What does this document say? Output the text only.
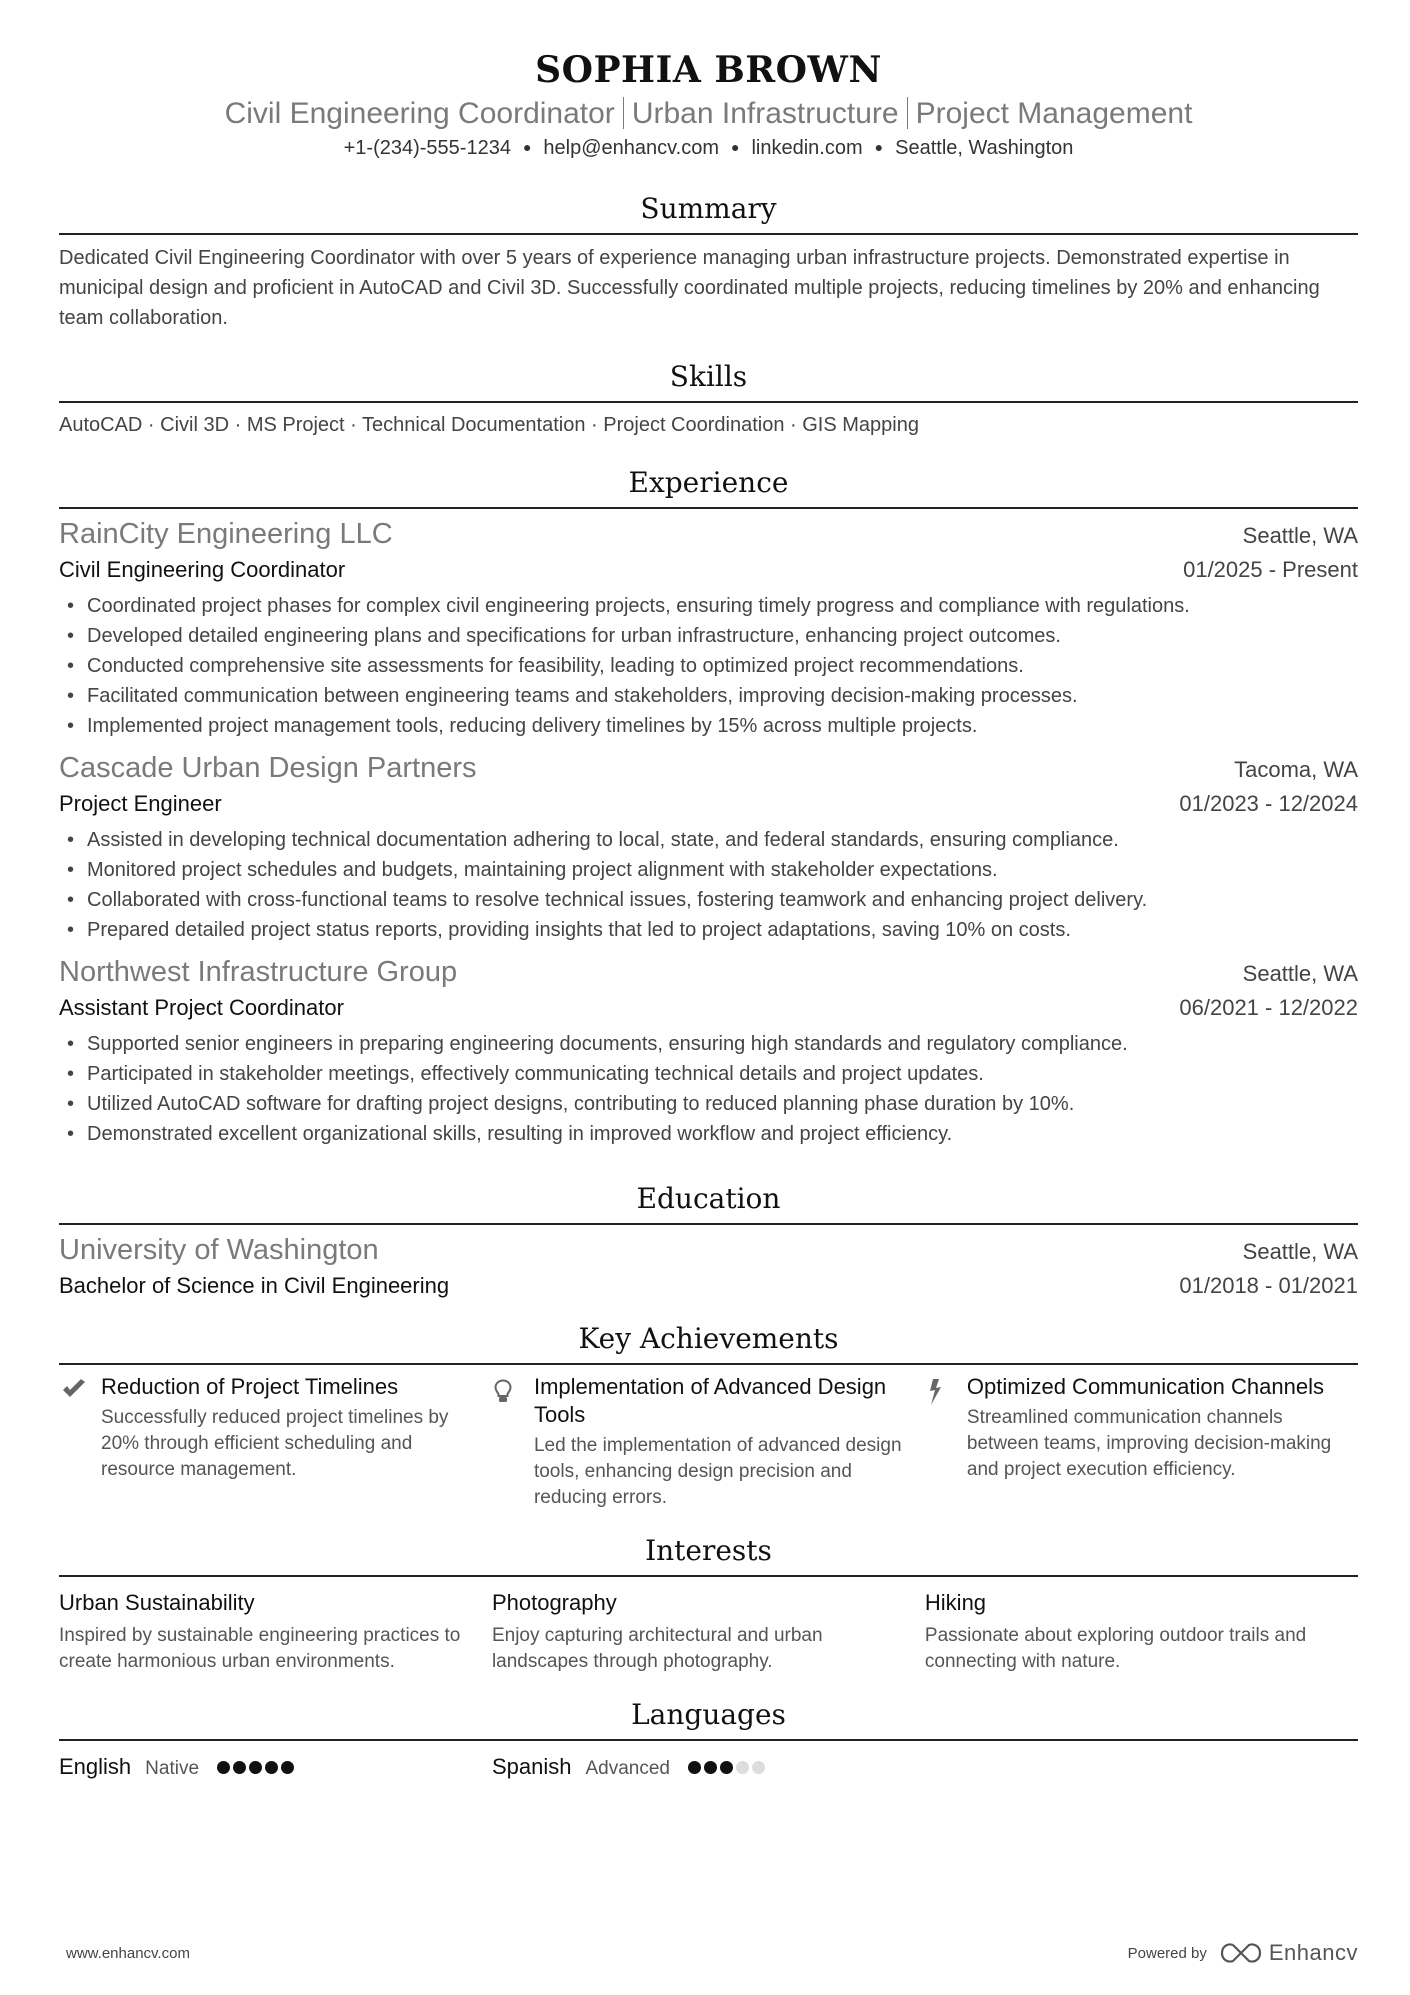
SOPHIA BROWN
Civil Engineering Coordinator Urban Infrastructure Project Management
+1-(234)-555-1234 ● help@enhancv.com ● linkedin.com ● Seattle, Washington
Summary

Dedicated Civil Engineering Coordinator with over 5 years of experience managing urban infrastructure projects. Demonstrated expertise in municipal design and proficient in AutoCAD and Civil 3D. Successfully coordinated multiple projects, reducing timelines by 20% and enhancing team collaboration.

Skills

AutoCAD · Civil 3D · MS Project · Technical Documentation · Project Coordination · GIS Mapping

Experience
RainCity Engineering LLC	Seattle, WA
Civil Engineering Coordinator	01/2025 - Present
• Coordinated project phases for complex civil engineering projects, ensuring timely progress and compliance with regulations.
• Developed detailed engineering plans and specifications for urban infrastructure, enhancing project outcomes.
• Conducted comprehensive site assessments for feasibility, leading to optimized project recommendations.
• Facilitated communication between engineering teams and stakeholders, improving decision-making processes.
• Implemented project management tools, reducing delivery timelines by 15% across multiple projects.
Cascade Urban Design Partners	Tacoma, WA
Project Engineer	01/2023 - 12/2024
• Assisted in developing technical documentation adhering to local, state, and federal standards, ensuring compliance.
• Monitored project schedules and budgets, maintaining project alignment with stakeholder expectations.
• Collaborated with cross-functional teams to resolve technical issues, fostering teamwork and enhancing project delivery.
• Prepared detailed project status reports, providing insights that led to project adaptations, saving 10% on costs.
Northwest Infrastructure Group	Seattle, WA
Assistant Project Coordinator	06/2021 - 12/2022
• Supported senior engineers in preparing engineering documents, ensuring high standards and regulatory compliance.
• Participated in stakeholder meetings, effectively communicating technical details and project updates.
• Utilized AutoCAD software for drafting project designs, contributing to reduced planning phase duration by 10%.
• Demonstrated excellent organizational skills, resulting in improved workflow and project efficiency.
Education
University of Washington	Seattle, WA
Bachelor of Science in Civil Engineering	01/2018 - 01/2021
Key Achievements
Reduction of Project Timelines
Successfully reduced project timelines by 20% through efficient scheduling and resource management.
Implementation of Advanced Design Tools
Led the implementation of advanced design tools, enhancing design precision and reducing errors.
Optimized Communication Channels
Streamlined communication channels between teams, improving decision-making and project execution efficiency.
Interests
Urban Sustainability
Inspired by sustainable engineering practices to create harmonious urban environments.
Photography
Enjoy capturing architectural and urban landscapes through photography.
Hiking
Passionate about exploring outdoor trails and connecting with nature.
Languages
English Native	Spanish Advanced
www.enhancv.com	Powered by	Enhancv
